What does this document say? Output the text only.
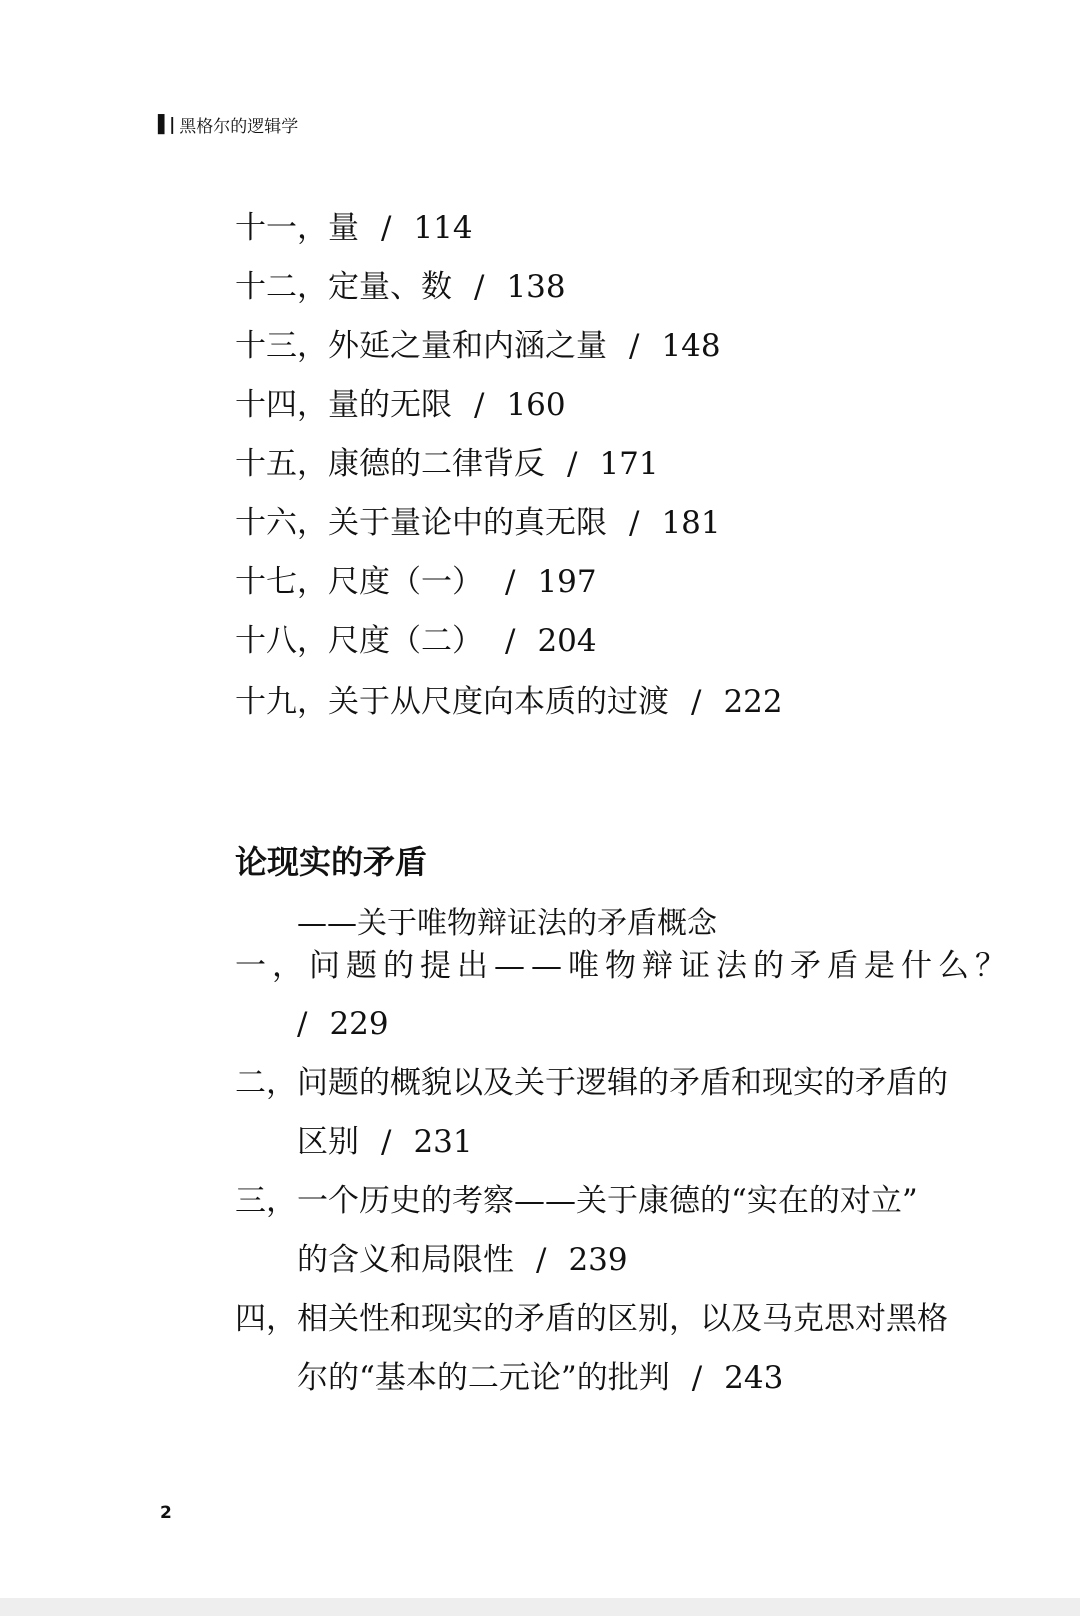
▌| 黑格尔的逻辑学
十一，量 / 114
十二，定量、数 / 138
十三，外延之量和内涵之量 / 148
十四，量的无限 / 160
十五，康德的二律背反 / 171
十六，关于量论中的真无限 / 181
十七，尺度（一） / 197
十八，尺度（二） / 204
十九，关于从尺度向本质的过渡 / 222
论现实的矛盾
——关于唯物辩证法的矛盾概念
一，问题的提出——唯物辩证法的矛盾是什么？
/ 229
二，问题的概貌以及关于逻辑的矛盾和现实的矛盾的
区别 / 231
三，一个历史的考察——关于康德的“实在的对立”
的含义和局限性 / 239
四，相关性和现实的矛盾的区别，以及马克思对黑格
尔的“基本的二元论”的批判 / 243
2
